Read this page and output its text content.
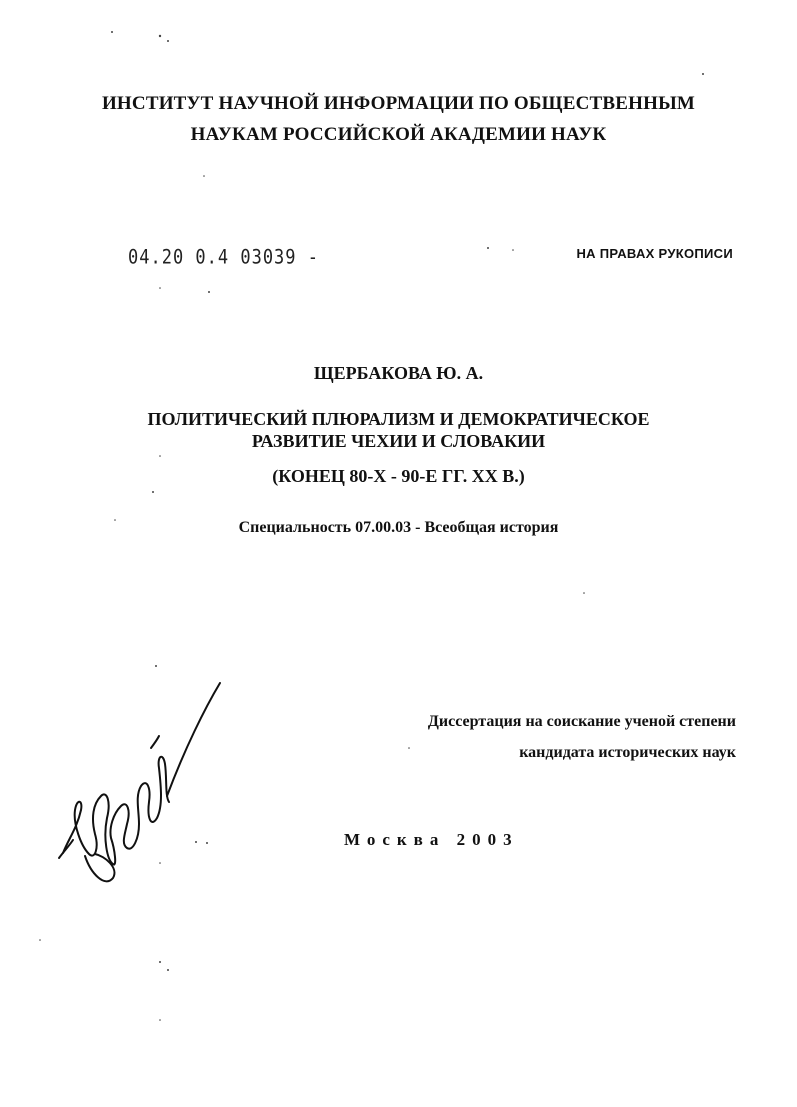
ИНСТИТУТ НАУЧНОЙ ИНФОРМАЦИИ ПО ОБЩЕСТВЕННЫМ
НАУКАМ РОССИЙСКОЙ АКАДЕМИИ НАУК
04.20 0.4 03039 -	НА ПРАВАХ РУКОПИСИ
ЩЕРБАКОВА Ю. А.
ПОЛИТИЧЕСКИЙ ПЛЮРАЛИЗМ И ДЕМОКРАТИЧЕСКОЕ
РАЗВИТИЕ ЧЕХИИ И СЛОВАКИИ
(КОНЕЦ 80-Х - 90-Е ГГ. XX В.)
Специальность 07.00.03 - Всеобщая история
Диссертация на соискание ученой степени
кандидата исторических наук
Москва 2003
